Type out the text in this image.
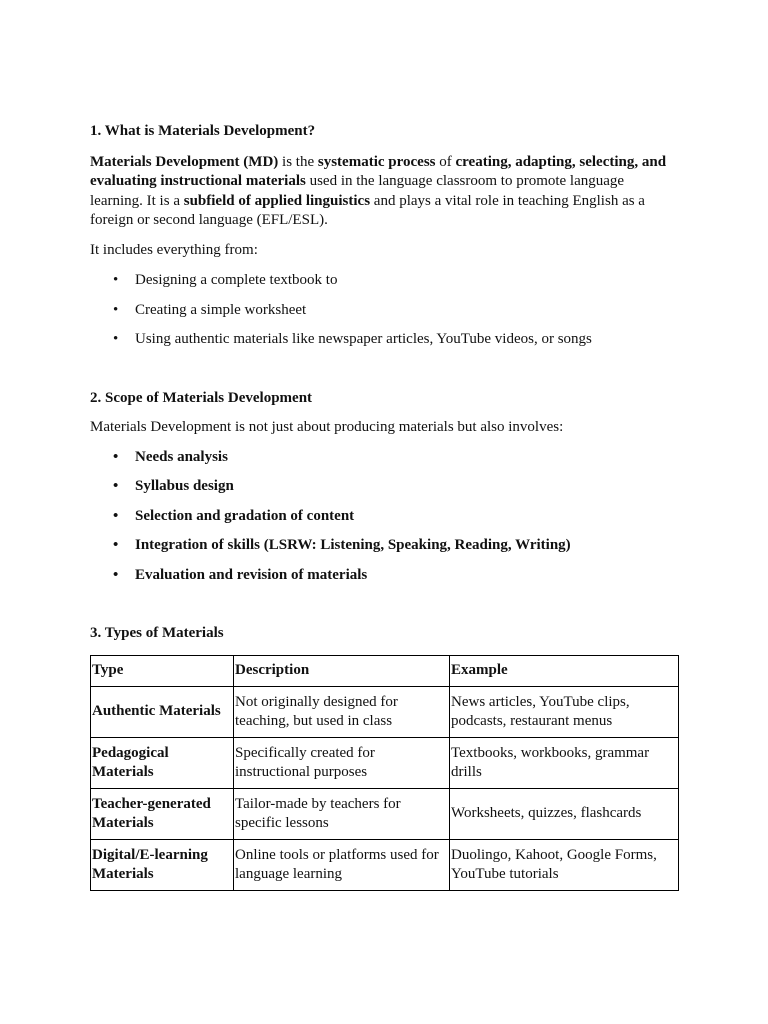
1. What is Materials Development?

Materials Development (MD) is the systematic process of creating, adapting, selecting, and evaluating instructional materials used in the language classroom to promote language learning. It is a subfield of applied linguistics and plays a vital role in teaching English as a foreign or second language (EFL/ESL).

It includes everything from:

• Designing a complete textbook to
• Creating a simple worksheet
• Using authentic materials like newspaper articles, YouTube videos, or songs
2. Scope of Materials Development

Materials Development is not just about producing materials but also involves:

• Needs analysis
• Syllabus design
• Selection and gradation of content
• Integration of skills (LSRW: Listening, Speaking, Reading, Writing)
• Evaluation and revision of materials
3. Types of Materials
Type	Description	Example
Authentic Materials	Not originally designed for teaching, but used in class	News articles, YouTube clips, podcasts, restaurant menus
Pedagogical Materials	Specifically created for instructional purposes	Textbooks, workbooks, grammar drills
Teacher-generated Materials	Tailor-made by teachers for specific lessons	Worksheets, quizzes, flashcards
Digital/E-learning Materials	Online tools or platforms used for language learning	Duolingo, Kahoot, Google Forms, YouTube tutorials
